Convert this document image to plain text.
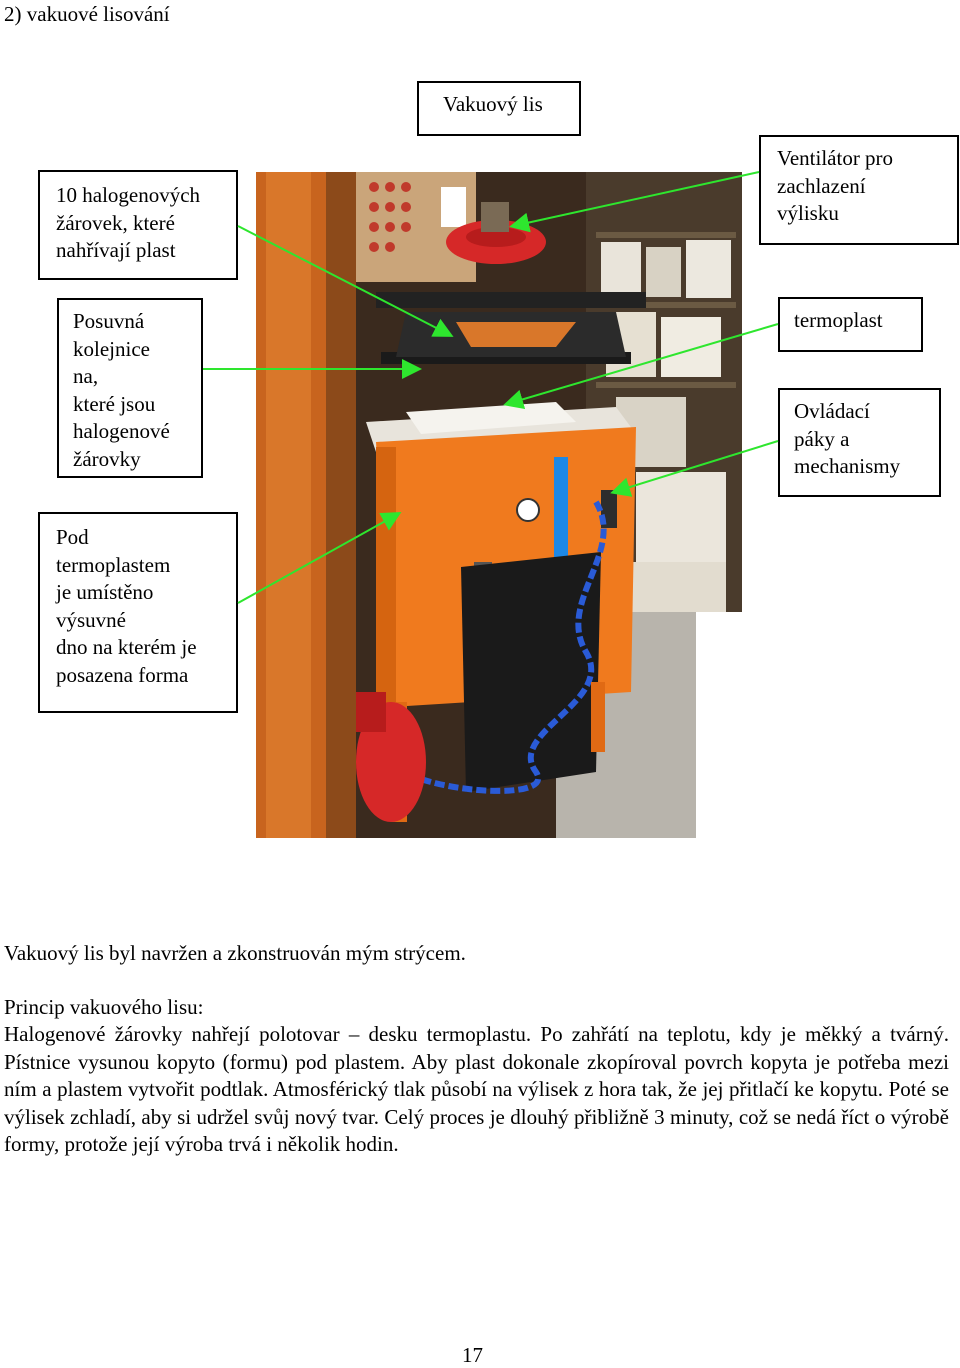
2) vakuové lisování
Vakuový lis
10 halogenových
žárovek, které
nahřívají plast
Posuvná
kolejnice
na,
které jsou
halogenové
žárovky
Pod
termoplastem
je umístěno
výsuvné
dno na kterém je
posazena forma
Ventilátor pro
zachlazení
výlisku
termoplast
Ovládací
páky a
mechanismy
Vakuový lis byl navržen a zkonstruován mým strýcem.
Princip vakuového lisu:
Halogenové žárovky nahřejí polotovar – desku termoplastu. Po zahřátí na teplotu, kdy je měkký a tvárný. Pístnice vysunou kopyto (formu) pod plastem. Aby plast dokonale zkopíroval povrch kopyta je potřeba mezi ním a plastem vytvořit podtlak. Atmosférický tlak působí na výlisek z hora tak, že jej přitlačí ke kopytu. Poté se výlisek zchladí, aby si udržel svůj nový tvar. Celý proces je dlouhý přibližně 3 minuty, což se nedá říct o výrobě formy, protože její výroba trvá i několik hodin.
17
